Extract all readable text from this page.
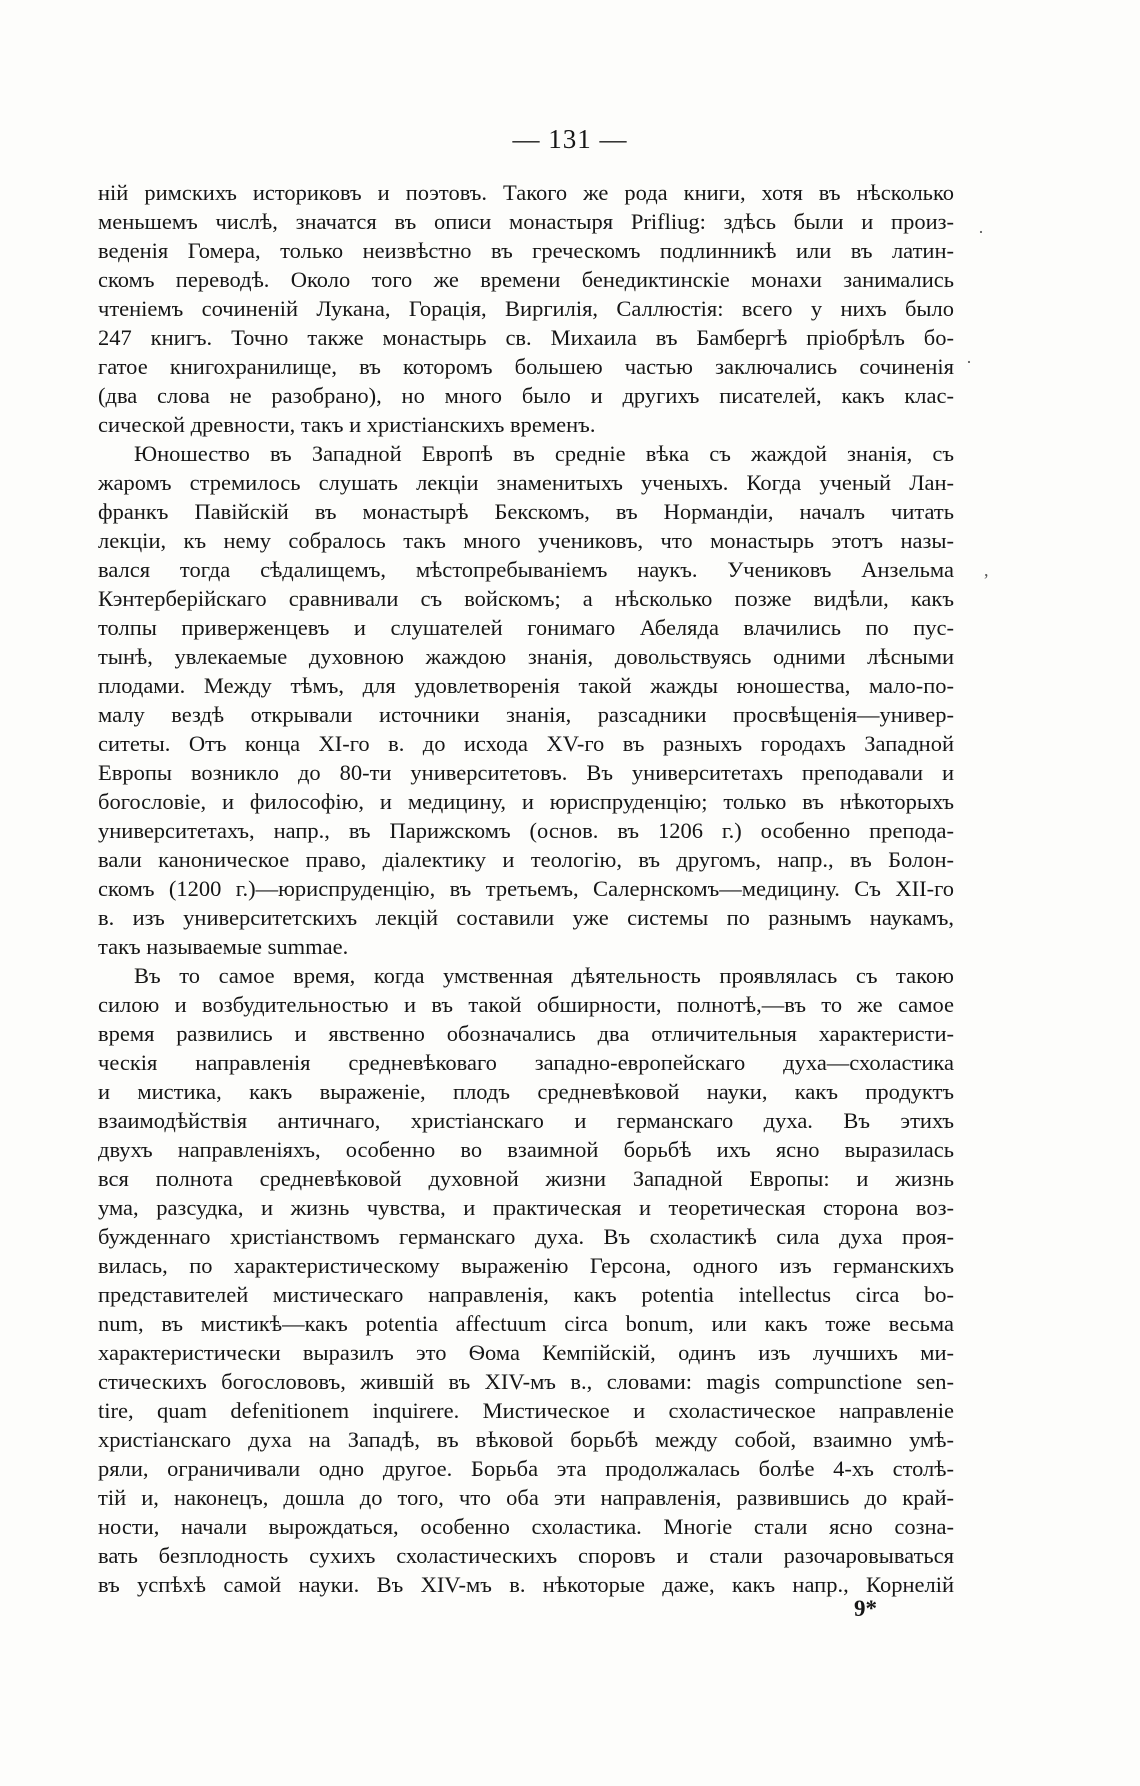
— 131 —
ній римскихъ историковъ и поэтовъ. Такого же рода книги, хотя въ нѣсколько
меньшемъ числѣ, значатся въ описи монастыря Prifliug: здѣсь были и произ-
веденія Гомера, только неизвѣстно въ греческомъ подлинникѣ или въ латин-
скомъ переводѣ. Около того же времени бенедиктинскіе монахи занимались
чтеніемъ сочиненій Лукана, Горація, Виргилія, Саллюстія: всего у нихъ было
247 книгъ. Точно также монастырь св. Михаила въ Бамбергѣ пріобрѣлъ бо-
гатое книгохранилище, въ которомъ большею частью заключались сочиненія
(два слова не разобрано), но много было и другихъ писателей, какъ клас-
сической древности, такъ и христіанскихъ временъ.
Юношество въ Западной Европѣ въ средніе вѣка съ жаждой знанія, съ
жаромъ стремилось слушать лекціи знаменитыхъ ученыхъ. Когда ученый Лан-
франкъ Павійскій въ монастырѣ Бекскомъ, въ Нормандіи, началъ читать
лекціи, къ нему собралось такъ много учениковъ, что монастырь этотъ назы-
вался тогда сѣдалищемъ, мѣстопребываніемъ наукъ. Учениковъ Анзельма
Кэнтерберійскаго сравнивали съ войскомъ; а нѣсколько позже видѣли, какъ
толпы приверженцевъ и слушателей гонимаго Абеляда влачились по пус-
тынѣ, увлекаемые духовною жаждою знанія, довольствуясь одними лѣсными
плодами. Между тѣмъ, для удовлетворенія такой жажды юношества, мало-по-
малу вездѣ открывали источники знанія, разсадники просвѣщенія—универ-
ситеты. Отъ конца XI-го в. до исхода XV-го въ разныхъ городахъ Западной
Европы возникло до 80-ти университетовъ. Въ университетахъ преподавали и
богословіе, и философію, и медицину, и юриспруденцію; только въ нѣкоторыхъ
университетахъ, напр., въ Парижскомъ (основ. въ 1206 г.) особенно препода-
вали каноническое право, діалектику и теологію, въ другомъ, напр., въ Болон-
скомъ (1200 г.)—юриспруденцію, въ третьемъ, Салернскомъ—медицину. Съ XII-го
в. изъ университетскихъ лекцій составили уже системы по разнымъ наукамъ,
такъ называемые summae.
Въ то самое время, когда умственная дѣятельность проявлялась съ такою
силою и возбудительностью и въ такой обширности, полнотѣ,—въ то же самое
время развились и явственно обозначались два отличительныя характеристи-
ческія направленія средневѣковаго западно-европейскаго духа—схоластика
и мистика, какъ выраженіе, плодъ средневѣковой науки, какъ продуктъ
взаимодѣйствія античнаго, христіанскаго и германскаго духа. Въ этихъ
двухъ направленіяхъ, особенно во взаимной борьбѣ ихъ ясно выразилась
вся полнота средневѣковой духовной жизни Западной Европы: и жизнь
ума, разсудка, и жизнь чувства, и практическая и теоретическая сторона воз-
бужденнаго христіанствомъ германскаго духа. Въ схоластикѣ сила духа проя-
вилась, по характеристическому выраженію Герсона, одного изъ германскихъ
представителей мистическаго направленія, какъ potentia intellectus circa bo-
num, въ мистикѣ—какъ potentia affectuum circa bonum, или какъ тоже весьма
характеристически выразилъ это Ѳома Кемпійскій, одинъ изъ лучшихъ ми-
стическихъ богослововъ, жившій въ XIV-мъ в., словами: magis compunctione sen-
tire, quam defenitionem inquirere. Мистическое и схоластическое направленіе
христіанскаго духа на Западѣ, въ вѣковой борьбѣ между собой, взаимно умѣ-
ряли, ограничивали одно другое. Борьба эта продолжалась болѣе 4-хъ столѣ-
тій и, наконецъ, дошла до того, что оба эти направленія, развившись до край-
ности, начали вырождаться, особенно схоластика. Многіе стали ясно сознa-
вать безплодность сухихъ схоластическихъ споровъ и стали разочаровываться
въ успѣхѣ самой науки. Въ XIV-мъ в. нѣкоторые даже, какъ напр., Корнелій
9*
·
·
,
